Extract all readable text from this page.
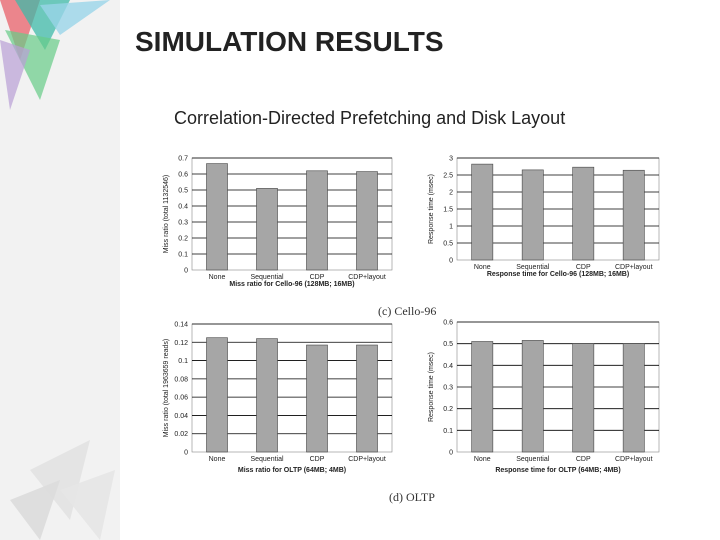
SIMULATION RESULTS
Correlation-Directed Prefetching and Disk Layout
0
0.1
0.2
0.3
0.4
0.5
0.6
0.7
None	Sequential	CDP	CDP+layout
Miss ratio for Cello-96 (128MB; 16MB)
Miss ratio (total 1132546)
0
0.5
1
1.5
2
2.5
3
None	Sequential	CDP	CDP+layout
Response time for Cello-96 (128MB; 16MB)
Response time (msec)
(c) Cello-96
0
0.02
0.04
0.06
0.08
0.1
0.12
0.14
None	Sequential	CDP	CDP+layout
Miss ratio for OLTP (64MB; 4MB)
Miss ratio (total 1963659 reads)
0
0.1
0.2
0.3
0.4
0.5
0.6
None	Sequential	CDP	CDP+layout
Response time for OLTP (64MB; 4MB)
Response time (msec)
(d) OLTP
